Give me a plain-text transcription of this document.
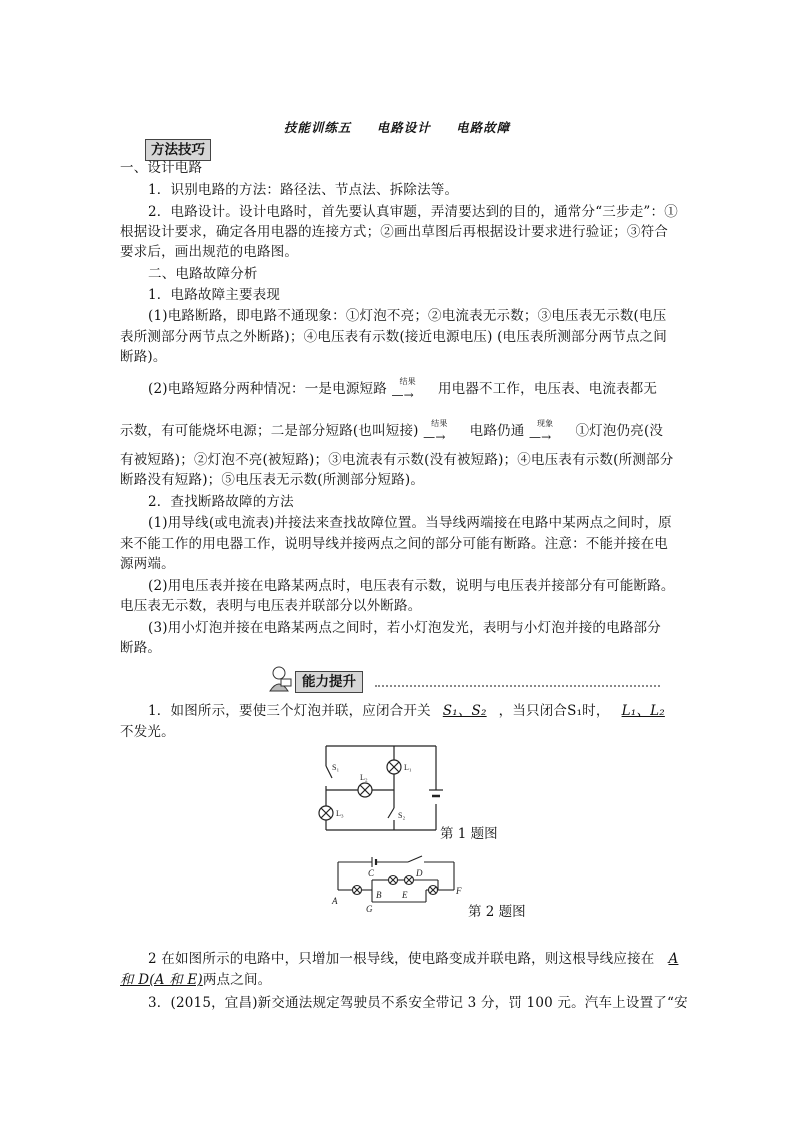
技能训练五 电路设计 电路故障
方法技巧
一、设计电路
1．识别电路的方法：路径法、节点法、拆除法等。
2．电路设计。设计电路时，首先要认真审题，弄清要达到的目的，通常分“三步走”：①
根据设计要求，确定各用电器的连接方式；②画出草图后再根据设计要求进行验证；③符合
要求后，画出规范的电路图。
二、电路故障分析
1．电路故障主要表现
(1)电路断路，即电路不通现象：①灯泡不亮；②电流表无示数；③电压表无示数(电压
表所测部分两节点之外断路)；④电压表有示数(接近电源电压) (电压表所测部分两节点之间
断路)。
(2)电路短路分两种情况：一是电源短路 结果
—→ 用电器不工作，电压表、电流表都无
示数，有可能烧坏电源；二是部分短路(也叫短接) 结果
—→ 电路仍通 现象
—→ ①灯泡仍亮(没
有被短路)；②灯泡不亮(被短路)；③电流表有示数(没有被短路)；④电压表有示数(所测部分
断路没有短路)；⑤电压表无示数(所测部分短路)。
2．查找断路故障的方法
(1)用导线(或电流表)并接法来查找故障位置。当导线两端接在电路中某两点之间时，原
来不能工作的用电器工作，说明导线并接两点之间的部分可能有断路。注意：不能并接在电
源两端。
(2)用电压表并接在电路某两点时，电压表有示数，说明与电压表并接部分有可能断路。
电压表无示数，表明与电压表并联部分以外断路。
(3)用小灯泡并接在电路某两点之间时，若小灯泡发光，表明与小灯泡并接的电路部分
断路。
能力提升
1．如图所示，要使三个灯泡并联，应闭合开关 S₁、S₂ ，当只闭合S₁时， L₁、L₂
不发光。
S₁
L₂
L₁
L₃	S₂
第 1 题图
A
B
C	D
E	F
G	第 2 题图
2 在如图所示的电路中，只增加一根导线，使电路变成并联电路，则这根导线应接在 A
和 D(A 和 E)两点之间。
3．(2015，宜昌)新交通法规定驾驶员不系安全带记 3 分，罚 100 元。汽车上设置了“安
